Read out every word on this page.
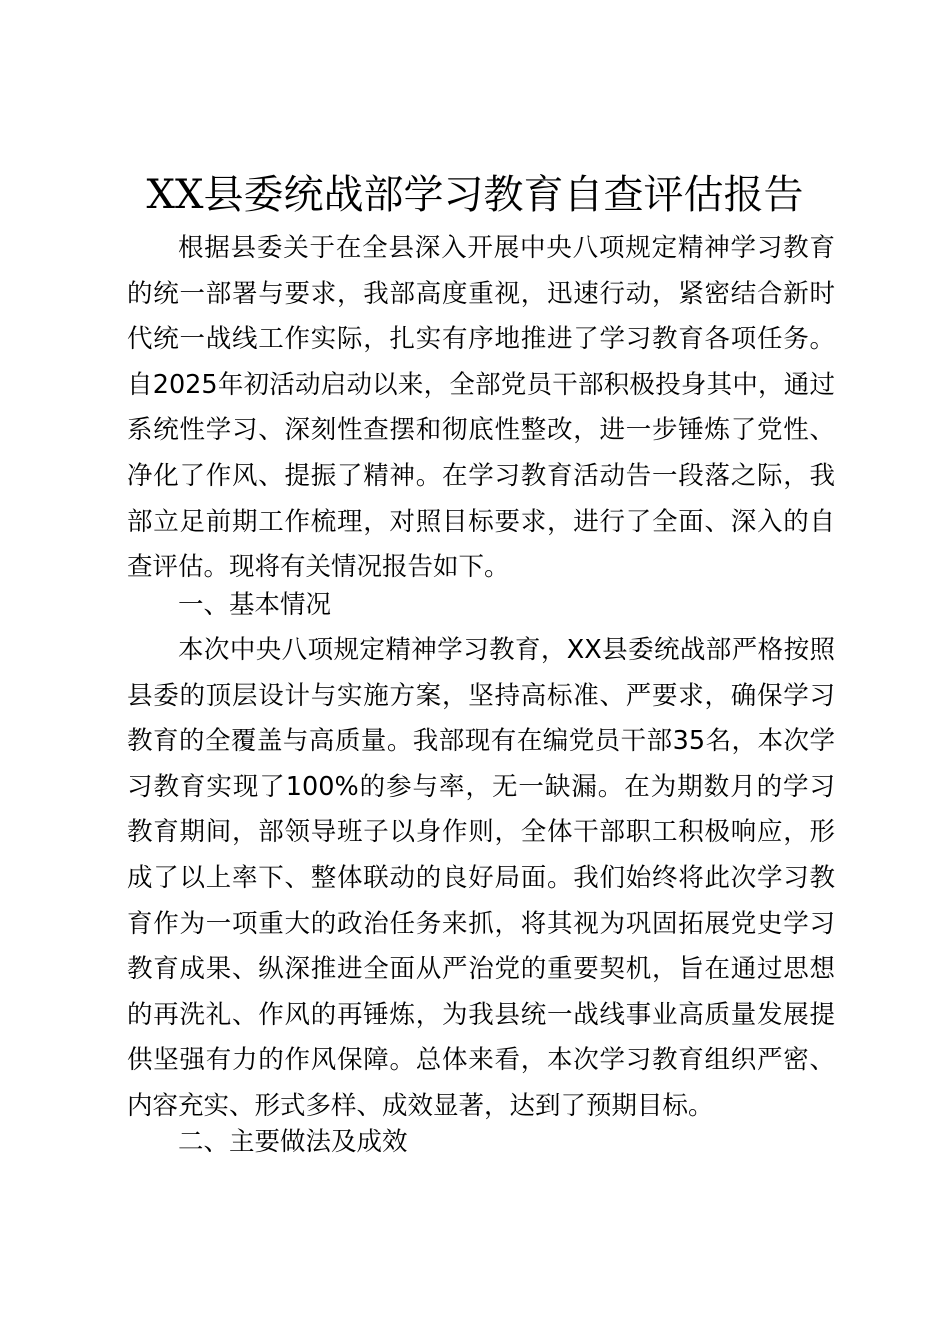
XX县委统战部学习教育自查评估报告

根据县委关于在全县深入开展中央八项规定精神学习教育的统一部署与要求，我部高度重视，迅速行动，紧密结合新时代统一战线工作实际，扎实有序地推进了学习教育各项任务。自2025年初活动启动以来，全部党员干部积极投身其中，通过系统性学习、深刻性查摆和彻底性整改，进一步锤炼了党性、净化了作风、提振了精神。在学习教育活动告一段落之际，我部立足前期工作梳理，对照目标要求，进行了全面、深入的自查评估。现将有关情况报告如下。

一、基本情况

本次中央八项规定精神学习教育，XX县委统战部严格按照县委的顶层设计与实施方案，坚持高标准、严要求，确保学习教育的全覆盖与高质量。我部现有在编党员干部35名，本次学习教育实现了100%的参与率，无一缺漏。在为期数月的学习教育期间，部领导班子以身作则，全体干部职工积极响应，形成了以上率下、整体联动的良好局面。我们始终将此次学习教育作为一项重大的政治任务来抓，将其视为巩固拓展党史学习教育成果、纵深推进全面从严治党的重要契机，旨在通过思想的再洗礼、作风的再锤炼，为我县统一战线事业高质量发展提供坚强有力的作风保障。总体来看，本次学习教育组织严密、内容充实、形式多样、成效显著，达到了预期目标。

二、主要做法及成效
